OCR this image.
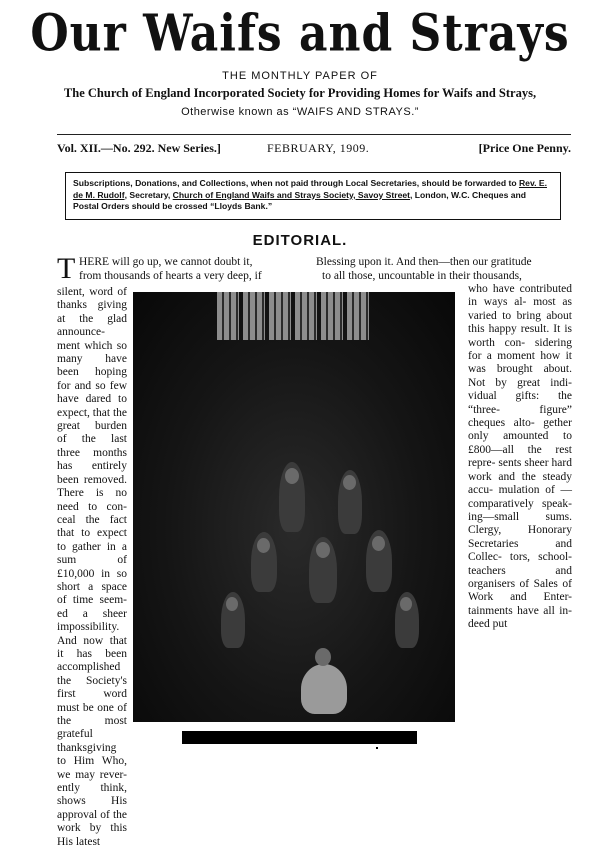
Our Waifs and Strays
THE MONTHLY PAPER OF
The Church of England Incorporated Society for Providing Homes for Waifs and Strays,
Otherwise known as “WAIFS AND STRAYS.”
Vol. XII.—No. 292. New Series.]	FEBRUARY, 1909.	[Price One Penny.
Subscriptions, Donations, and Collections, when not paid through Local Secretaries, should be forwarded to Rev. E. de M. Rudolf, Secretary, Church of England Waifs and Strays Society, Savoy Street, London, W.C. Cheques and Postal Orders should be crossed “Lloyds Bank.”
EDITORIAL.
T HERE will go up, we cannot doubt it,
from thousands of hearts a very deep, if
Blessing upon it. And then—then our gratitude
to all those, uncountable in their thousands,
silent, word of thanks giving at the glad announce- ment which so many have been hoping for and so few have dared to expect, that the great burden of the last three months has entirely been removed. There is no need to con- ceal the fact that to expect to gather in a sum of £10,000 in so short a space of time seem- ed a sheer impossibility. And now that it has been accomplished the Society's first word must be one of the most grateful thanksgiving to Him Who, we may rever- ently think, shows His approval of the work by this His latest
who have contributed in ways al- most as varied to bring about this happy result. It is worth con- sidering for a moment how it was brought about. Not by great indi- vidual gifts: the “three- figure” cheques alto- gether only amounted to £800—all the rest repre- sents sheer hard work and the steady accu- mulation of —comparatively speak- ing—small sums. Clergy, Honorary Secretaries and Collec- tors, school- teachers and organisers of Sales of Work and Enter- tainments have all in- deed put
